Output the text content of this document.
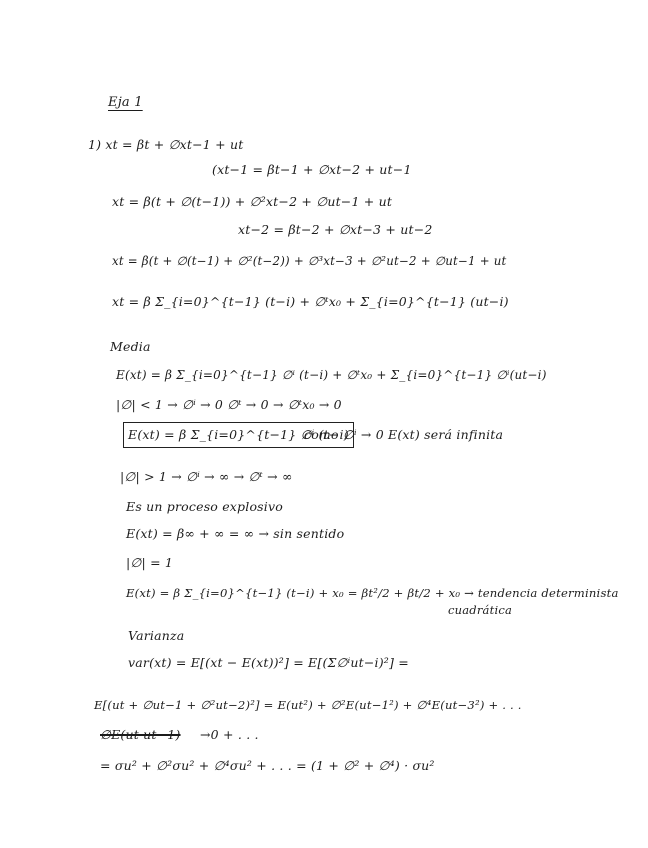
Eja 1
1) xt = βt + ∅xt−1 + ut
(xt−1 = βt−1 + ∅xt−2 + ut−1
xt = β(t + ∅(t−1)) + ∅²xt−2 + ∅ut−1 + ut
xt−2 = βt−2 + ∅xt−3 + ut−2
xt = β(t + ∅(t−1) + ∅²(t−2)) + ∅³xt−3 + ∅²ut−2 + ∅ut−1 + ut
xt = β Σ_{i=0}^{t−1} (t−i) + ∅ᵗx₀ + Σ_{i=0}^{t−1} (ut−i)
Media
E(xt) = β Σ_{i=0}^{t−1} ∅ⁱ (t−i) + ∅ᵗx₀ + Σ_{i=0}^{t−1} ∅ⁱ(ut−i)
|∅| < 1 → ∅ⁱ → 0 ∅ᵗ → 0 → ∅ᵗx₀ → 0
E(xt) = β Σ_{i=0}^{t−1} ∅ⁱ (t−i)
como ∅ⁱ → 0 E(xt) será infinita
|∅| > 1 → ∅ⁱ → ∞ → ∅ᵗ → ∞
Es un proceso explosivo
E(xt) = β∞ + ∞ = ∞ → sin sentido
|∅| = 1
E(xt) = β Σ_{i=0}^{t−1} (t−i) + x₀ = βt²/2 + βt/2 + x₀ → tendencia determinista
cuadrática
Varianza
var(xt) = E[(xt − E(xt))²] = E[(Σ∅ⁱut−i)²] =
E[(ut + ∅ut−1 + ∅²ut−2)²] = E(ut²) + ∅²E(ut−1²) + ∅⁴E(ut−3²) + . . .
∅E(ut ut−1) →0 + . . .
= σu² + ∅²σu² + ∅⁴σu² + . . . = (1 + ∅² + ∅⁴) · σu²
